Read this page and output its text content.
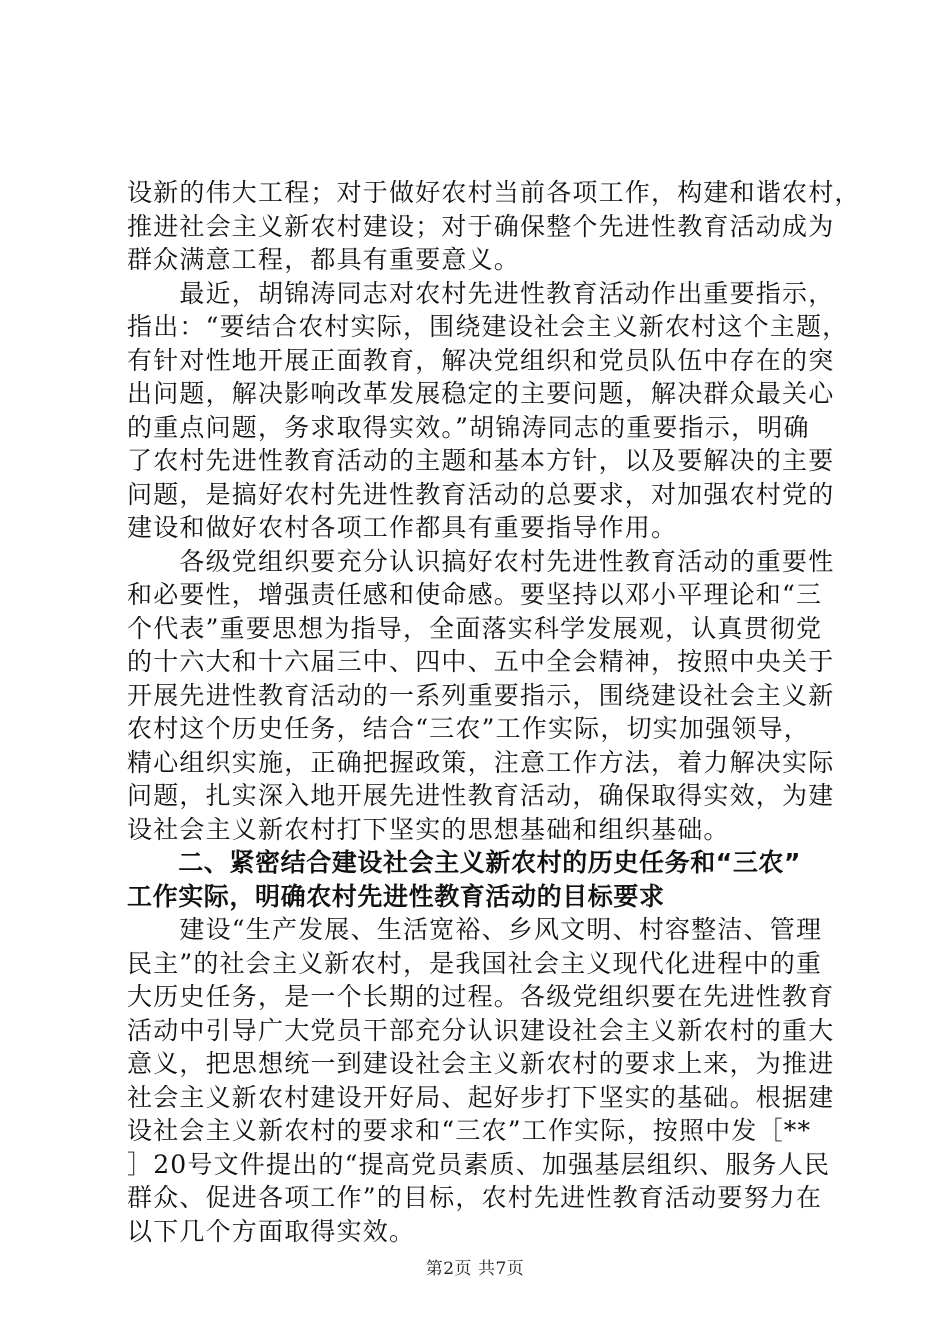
设新的伟大工程；对于做好农村当前各项工作，构建和谐农村，
推进社会主义新农村建设；对于确保整个先进性教育活动成为
群众满意工程，都具有重要意义。
　　最近，胡锦涛同志对农村先进性教育活动作出重要指示，
指出：“要结合农村实际，围绕建设社会主义新农村这个主题，
有针对性地开展正面教育，解决党组织和党员队伍中存在的突
出问题，解决影响改革发展稳定的主要问题，解决群众最关心
的重点问题，务求取得实效。”胡锦涛同志的重要指示，明确
了农村先进性教育活动的主题和基本方针，以及要解决的主要
问题，是搞好农村先进性教育活动的总要求，对加强农村党的
建设和做好农村各项工作都具有重要指导作用。
　　各级党组织要充分认识搞好农村先进性教育活动的重要性
和必要性，增强责任感和使命感。要坚持以邓小平理论和“三
个代表”重要思想为指导，全面落实科学发展观，认真贯彻党
的十六大和十六届三中、四中、五中全会精神，按照中央关于
开展先进性教育活动的一系列重要指示，围绕建设社会主义新
农村这个历史任务，结合“三农”工作实际，切实加强领导，
精心组织实施，正确把握政策，注意工作方法，着力解决实际
问题，扎实深入地开展先进性教育活动，确保取得实效，为建
设社会主义新农村打下坚实的思想基础和组织基础。
　　二、紧密结合建设社会主义新农村的历史任务和“三农”
工作实际，明确农村先进性教育活动的目标要求
　　建设“生产发展、生活宽裕、乡风文明、村容整洁、管理
民主”的社会主义新农村，是我国社会主义现代化进程中的重
大历史任务，是一个长期的过程。各级党组织要在先进性教育
活动中引导广大党员干部充分认识建设社会主义新农村的重大
意义，把思想统一到建设社会主义新农村的要求上来，为推进
社会主义新农村建设开好局、起好步打下坚实的基础。根据建
设社会主义新农村的要求和“三农”工作实际，按照中发［**
］20号文件提出的“提高党员素质、加强基层组织、服务人民
群众、促进各项工作”的目标，农村先进性教育活动要努力在
以下几个方面取得实效。
第2页 共7页
